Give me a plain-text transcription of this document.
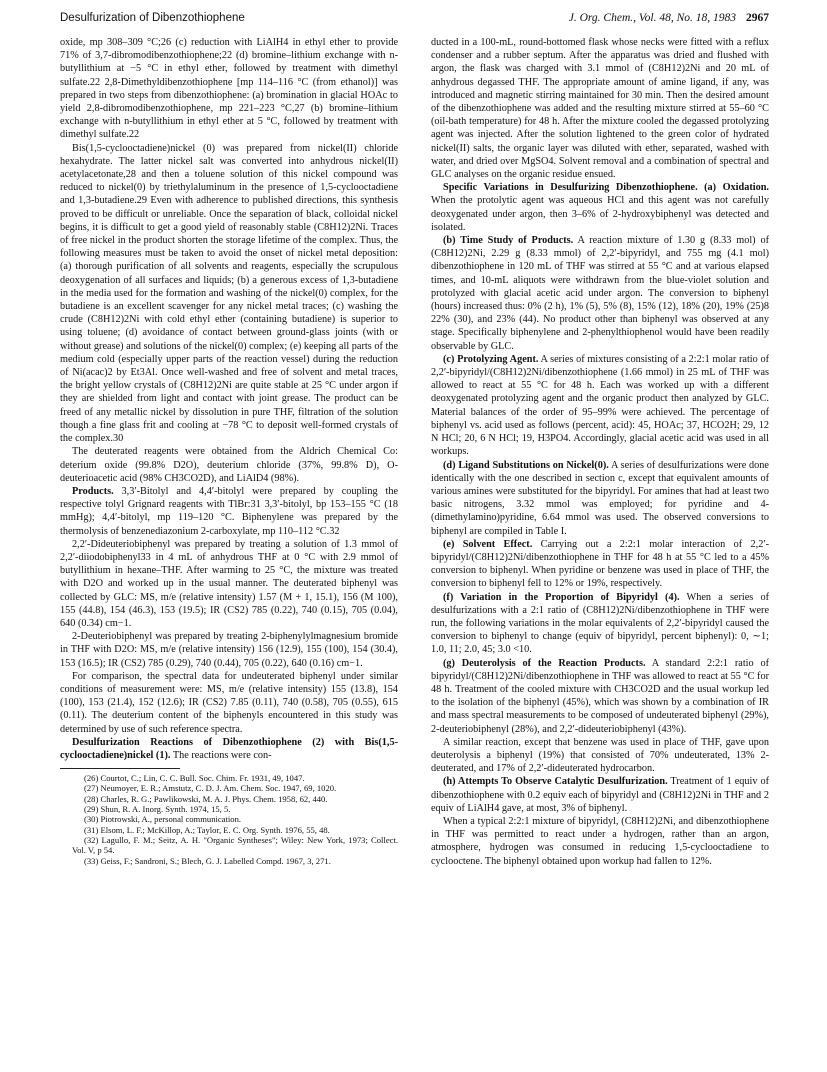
Desulfurization of Dibenzothiophene	J. Org. Chem., Vol. 48, No. 18, 1983 2967

oxide, mp 308–309 °C;26 (c) reduction with LiAlH4 in ethyl ether to provide 71% of 3,7-dibromodibenzothiophene;22 (d) bromine–lithium exchange with n-butyllithium at −5 °C in ethyl ether, followed by treatment with dimethyl sulfate.22 2,8-Dimethyldibenzothiophene [mp 114–116 °C (from ethanol)] was prepared in two steps from dibenzothiophene: (a) bromination in glacial HOAc to yield 2,8-dibromodibenzothiophene, mp 221–223 °C,27 (b) bromine–lithium exchange with n-butyllithium in ethyl ether at 5 °C, followed by treatment with dimethyl sulfate.22

Bis(1,5-cyclooctadiene)nickel (0) was prepared from nickel(II) chloride hexahydrate. The latter nickel salt was converted into anhydrous nickel(II) acetylacetonate,28 and then a toluene solution of this nickel compound was reduced to nickel(0) by triethylaluminum in the presence of 1,5-cyclooctadiene and 1,3-butadiene.29 Even with adherence to published directions, this synthesis proved to be difficult or unreliable. Once the separation of black, colloidal nickel begins, it is difficult to get a good yield of reasonably stable (C8H12)2Ni. Traces of free nickel in the product shorten the storage lifetime of the complex. Thus, the following measures must be taken to avoid the onset of nickel metal deposition: (a) thorough purification of all solvents and reagents, especially the scrupulous deoxygenation of all surfaces and liquids; (b) a generous excess of 1,3-butadiene in the media used for the formation and washing of the nickel(0) complex, for the butadiene is an excellent scavenger for any nickel metal traces; (c) washing the crude (C8H12)2Ni with cold ethyl ether (containing butadiene) is superior to using toluene; (d) avoidance of contact between ground-glass joints (with or without grease) and solutions of the nickel(0) complex; (e) keeping all parts of the medium cold (especially upper parts of the reaction vessel) during the reduction of Ni(acac)2 by Et3Al. Once well-washed and free of solvent and metal traces, the bright yellow crystals of (C8H12)2Ni are quite stable at 25 °C under argon if they are shielded from light and contact with joint grease. The product can be freed of any metallic nickel by dissolution in pure THF, filtration of the solution though a fine glass frit and cooling at −78 °C to deposit well-formed crystals of the complex.30

The deuterated reagents were obtained from the Aldrich Chemical Co: deterium oxide (99.8% D2O), deuterium chloride (37%, 99.8% D), O-deuterioacetic acid (98% CH3CO2D), and LiAlD4 (98%).

Products. 3,3′-Bitolyl and 4,4′-bitolyl were prepared by coupling the respective tolyl Grignard reagents with TlBr:31 3,3′-bitolyl, bp 153–155 °C (18 mmHg); 4,4′-bitolyl, mp 119–120 °C. Biphenylene was prepared by the thermolysis of benzenediazonium 2-carboxylate, mp 110–112 °C.32

2,2′-Dideuteriobiphenyl was prepared by treating a solution of 1.3 mmol of 2,2′-diiodobiphenyl33 in 4 mL of anhydrous THF at 0 °C with 2.9 mmol of butyllithium in hexane–THF. After warming to 25 °C, the mixture was treated with D2O and worked up in the usual manner. The deuterated biphenyl was collected by GLC: MS, m/e (relative intensity) 1.57 (M + 1, 15.1), 156 (M 100), 155 (44.8), 154 (46.3), 153 (19.5); IR (CS2) 785 (0.22), 740 (0.15), 705 (0.04), 640 (0.34) cm−1.

2-Deuteriobiphenyl was prepared by treating 2-biphenylylmagnesium bromide in THF with D2O: MS, m/e (relative intensity) 156 (12.9), 155 (100), 154 (30.4), 153 (16.5); IR (CS2) 785 (0.29), 740 (0.44), 705 (0.22), 640 (0.16) cm−1.

For comparison, the spectral data for undeuterated biphenyl under similar conditions of measurement were: MS, m/e (relative intensity) 155 (13.8), 154 (100), 153 (21.4), 152 (12.6); IR (CS2) 7.85 (0.11), 740 (0.58), 705 (0.55), 615 (0.11). The deuterium content of the biphenyls encountered in this study was determined by use of such reference spectra.

Desulfurization Reactions of Dibenzothiophene (2) with Bis(1,5-cyclooctadiene)nickel (1). The reactions were con-

(26) Courtot, C.; Lin, C. C. Bull. Soc. Chim. Fr. 1931, 49, 1047.

(27) Neumoyer, E. R.; Amstutz, C. D. J. Am. Chem. Soc. 1947, 69, 1020.

(28) Charles, R. G.; Pawlikowski, M. A. J. Phys. Chem. 1958, 62, 440.

(29) Shun, R. A. Inorg. Synth. 1974, 15, 5.

(30) Piotrowski, A., personal communication.

(31) Elsom, L. F.; McKillop, A.; Taylor, E. C. Org. Synth. 1976, 55, 48.

(32) Lagullo, F. M.; Seitz, A. H. "Organic Syntheses"; Wiley: New York, 1973; Collect. Vol. V, p 54.

(33) Geiss, F.; Sandroni, S.; Blech, G. J. Labelled Compd. 1967, 3, 271.

ducted in a 100-mL, round-bottomed flask whose necks were fitted with a reflux condenser and a rubber septum. After the apparatus was dried and flushed with argon, the flask was charged with 3.1 mmol of (C8H12)2Ni and 20 mL of anhydrous degassed THF. The appropriate amount of amine ligand, if any, was introduced and magnetic stirring maintained for 30 min. Then the desired amount of the dibenzothiophene was added and the resulting mixture stirred at 55–60 °C (oil-bath temperature) for 48 h. After the mixture cooled the degassed protolyzing agent was injected. After the solution lightened to the green color of hydrated nickel(II) salts, the organic layer was diluted with ether, separated, washed with water, and dried over MgSO4. Solvent removal and a combination of spectral and GLC analyses on the organic residue ensued.

Specific Variations in Desulfurizing Dibenzothiophene. (a) Oxidation. When the protolytic agent was aqueous HCl and this agent was not carefully deoxygenated under argon, then 3–6% of 2-hydroxybiphenyl was detected and isolated.

(b) Time Study of Products. A reaction mixture of 1.30 g (8.33 mol) of (C8H12)2Ni, 2.29 g (8.33 mmol) of 2,2′-bipyridyl, and 755 mg (4.1 mol) dibenzothiophene in 120 mL of THF was stirred at 55 °C and at various elapsed times, and 10-mL aliquots were withdrawn from the blue-violet solution and protolyzed with glacial acetic acid under argon. The conversion to biphenyl (hours) increased thus: 0% (2 h), 1% (5), 5% (8), 15% (12), 18% (20), 19% (25)8 22% (30), and 23% (44). No product other than biphenyl was observed at any stage. Specifically biphenylene and 2-phenylthiophenol would have been readily observable by GLC.

(c) Protolyzing Agent. A series of mixtures consisting of a 2:2:1 molar ratio of 2,2′-bipyridyl/(C8H12)2Ni/dibenzothiophene (1.66 mmol) in 25 mL of THF was allowed to react at 55 °C for 48 h. Each was worked up with a different deoxygenated protolyzing agent and the organic product then analyzed by GLC. Material balances of the order of 95–99% were achieved. The percentage of biphenyl vs. acid used as follows (percent, acid): 45, HOAc; 37, HCO2H; 29, 12 N HCl; 20, 6 N HCl; 19, H3PO4. Accordingly, glacial acetic acid was used in all workups.

(d) Ligand Substitutions on Nickel(0). A series of desulfurizations were done identically with the one described in section c, except that equivalent amounts of various amines were substituted for the bipyridyl. For amines that had at least two basic nitrogens, 3.32 mmol was employed; for pyridine and 4-(dimethylamino)pyridine, 6.64 mmol was used. The observed conversions to biphenyl are compiled in Table I.

(e) Solvent Effect. Carrying out a 2:2:1 molar interaction of 2,2′-bipyridyl/(C8H12)2Ni/dibenzothiophene in THF for 48 h at 55 °C led to a 45% conversion to biphenyl. When pyridine or benzene was used in place of THF, the conversion to biphenyl fell to 12% or 19%, respectively.

(f) Variation in the Proportion of Bipyridyl (4). When a series of desulfurizations with a 2:1 ratio of (C8H12)2Ni/dibenzothiophene in THF were run, the following variations in the molar equivalents of 2,2′-bipyridyl caused the conversion to biphenyl to change (equiv of bipyridyl, percent biphenyl): 0, ∼1; 1.0, 11; 2.0, 45; 3.0 <10.

(g) Deuterolysis of the Reaction Products. A standard 2:2:1 ratio of bipyridyl/(C8H12)2Ni/dibenzothiophene in THF was allowed to react at 55 °C for 48 h. Treatment of the cooled mixture with CH3CO2D and the usual workup led to the isolation of the biphenyl (45%), which was shown by a combination of IR and mass spectral measurements to be composed of undeuterated biphenyl (29%), 2-deuteriobiphenyl (28%), and 2,2′-dideuteriobiphenyl (43%).

A similar reaction, except that benzene was used in place of THF, gave upon deuterolysis a biphenyl (19%) that consisted of 70% undeuterated, 13% 2-deuterated, and 17% of 2,2′-dideuterated hydrocarbon.

(h) Attempts To Observe Catalytic Desulfurization. Treatment of 1 equiv of dibenzothiophene with 0.2 equiv each of bipyridyl and (C8H12)2Ni in THF and 2 equiv of LiAlH4 gave, at most, 3% of biphenyl.

When a typical 2:2:1 mixture of bipyridyl, (C8H12)2Ni, and dibenzothiophene in THF was permitted to react under a hydrogen, rather than an argon, atmosphere, hydrogen was consumed in reducing 1,5-cyclooctadiene to cyclooctene. The biphenyl obtained upon workup had fallen to 12%.
